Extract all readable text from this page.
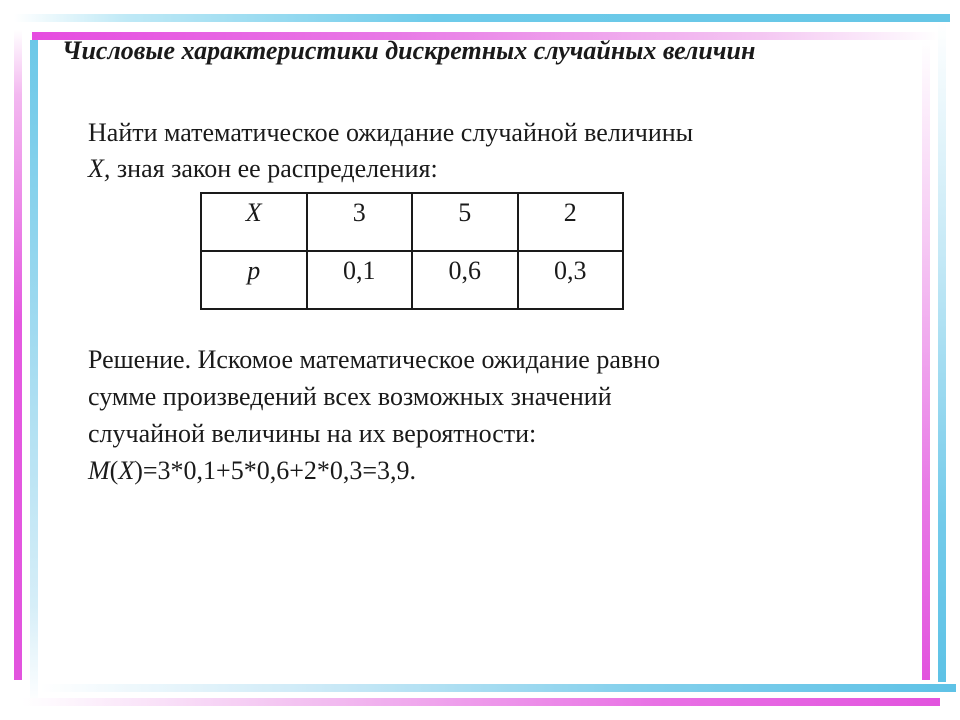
Числовые характеристики дискретных случайных величин
Найти математическое ожидание случайной величины
X, зная закон ее распределения:
X	3	5	2
p	0,1	0,6	0,3
Решение. Искомое математическое ожидание равно
сумме произведений всех возможных значений
случайной величины на их вероятности:
M(X)=3*0,1+5*0,6+2*0,3=3,9.
